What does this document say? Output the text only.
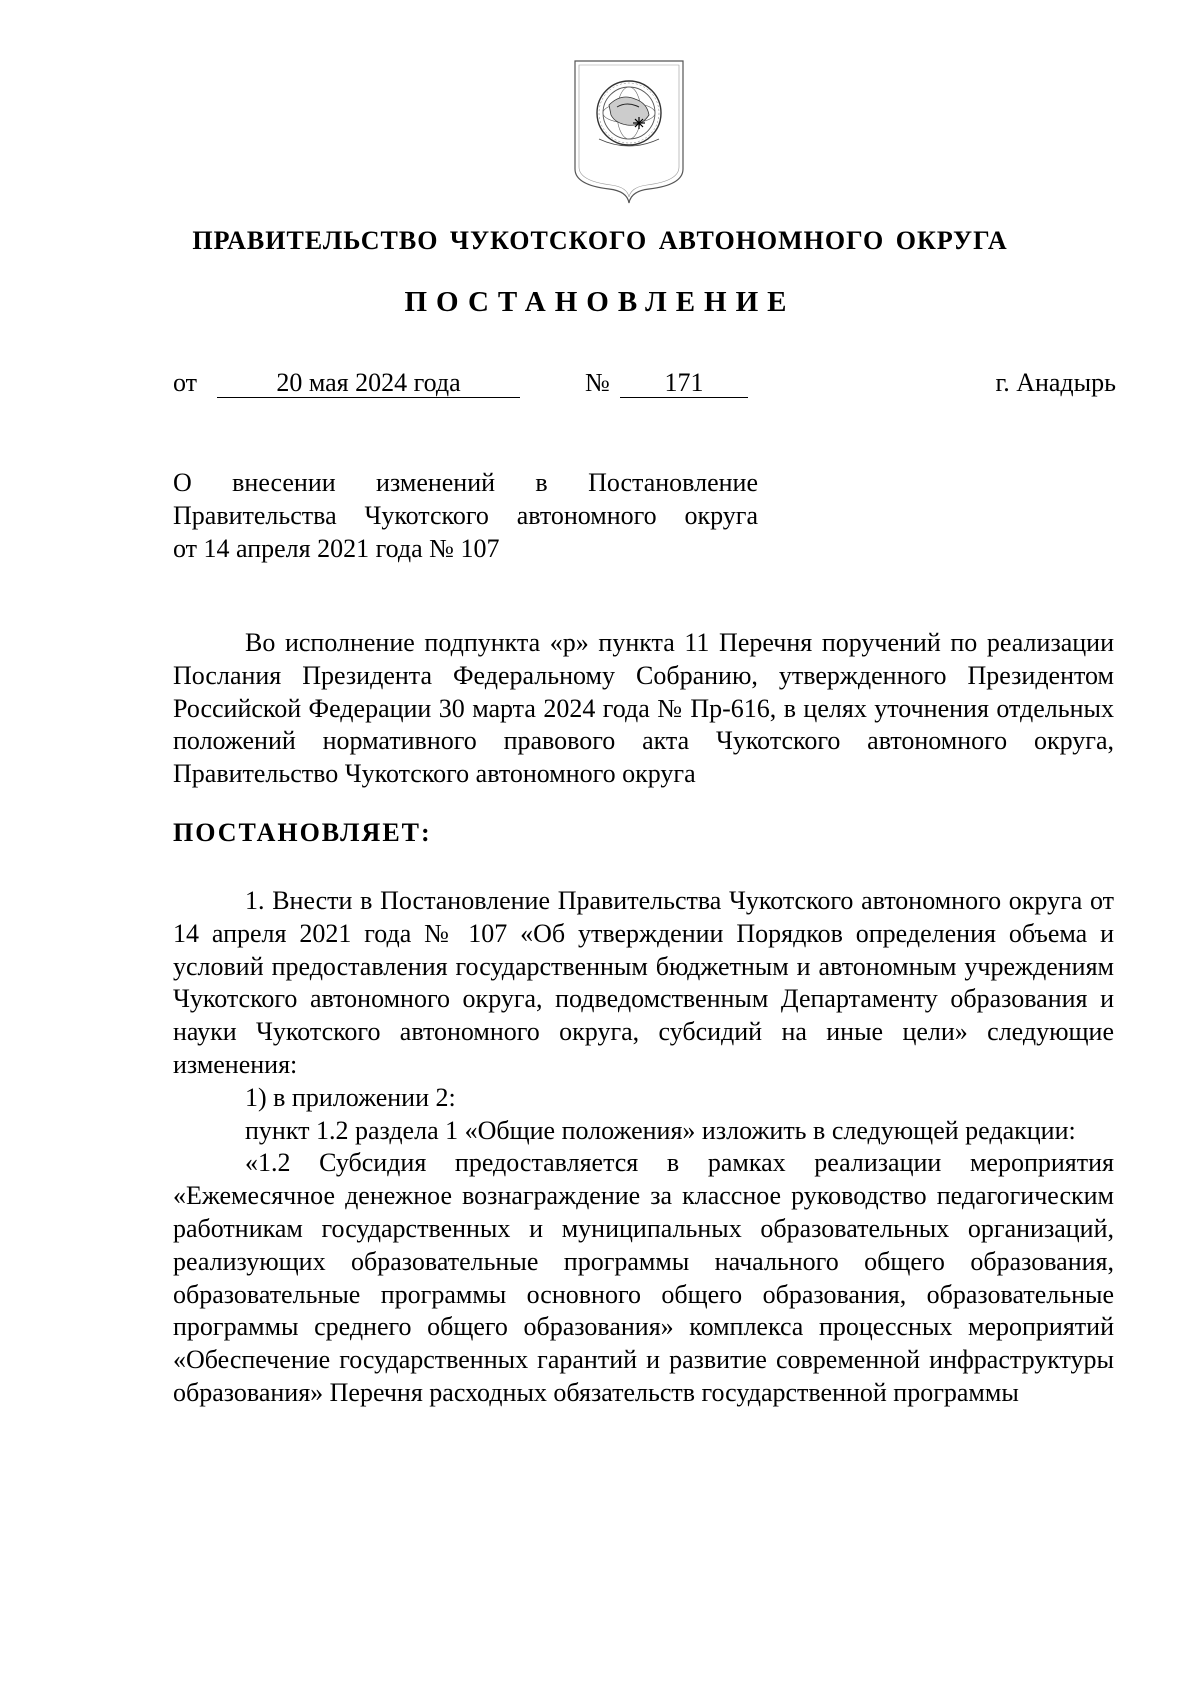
ПРАВИТЕЛЬСТВО ЧУКОТСКОГО АВТОНОМНОГО ОКРУГА
ПОСТАНОВЛЕНИЕ
от	20 мая 2024 года	№	171	г. Анадырь
О внесении изменений в Постановление
Правительства Чукотского автономного округа
от 14 апреля 2021 года № 107

Во исполнение подпункта «р» пункта 11 Перечня поручений по реализации Послания Президента Федеральному Собранию, утвержденного Президентом Российской Федерации 30 марта 2024 года № Пр-616, в целях уточнения отдельных положений нормативного правового акта Чукотского автономного округа, Правительство Чукотского автономного округа

ПОСТАНОВЛЯЕТ:

1. Внести в Постановление Правительства Чукотского автономного округа от 14 апреля 2021 года № 107 «Об утверждении Порядков определения объема и условий предоставления государственным бюджетным и автономным учреждениям Чукотского автономного округа, подведомственным Департаменту образования и науки Чукотского автономного округа, субсидий на иные цели» следующие изменения:

1) в приложении 2:

пункт 1.2 раздела 1 «Общие положения» изложить в следующей редакции:

«1.2 Субсидия предоставляется в рамках реализации мероприятия «Ежемесячное денежное вознаграждение за классное руководство педагогическим работникам государственных и муниципальных образовательных организаций, реализующих образовательные программы начального общего образования, образовательные программы основного общего образования, образовательные программы среднего общего образования» комплекса процессных мероприятий «Обеспечение государственных гарантий и развитие современной инфраструктуры образования» Перечня расходных обязательств государственной программы
